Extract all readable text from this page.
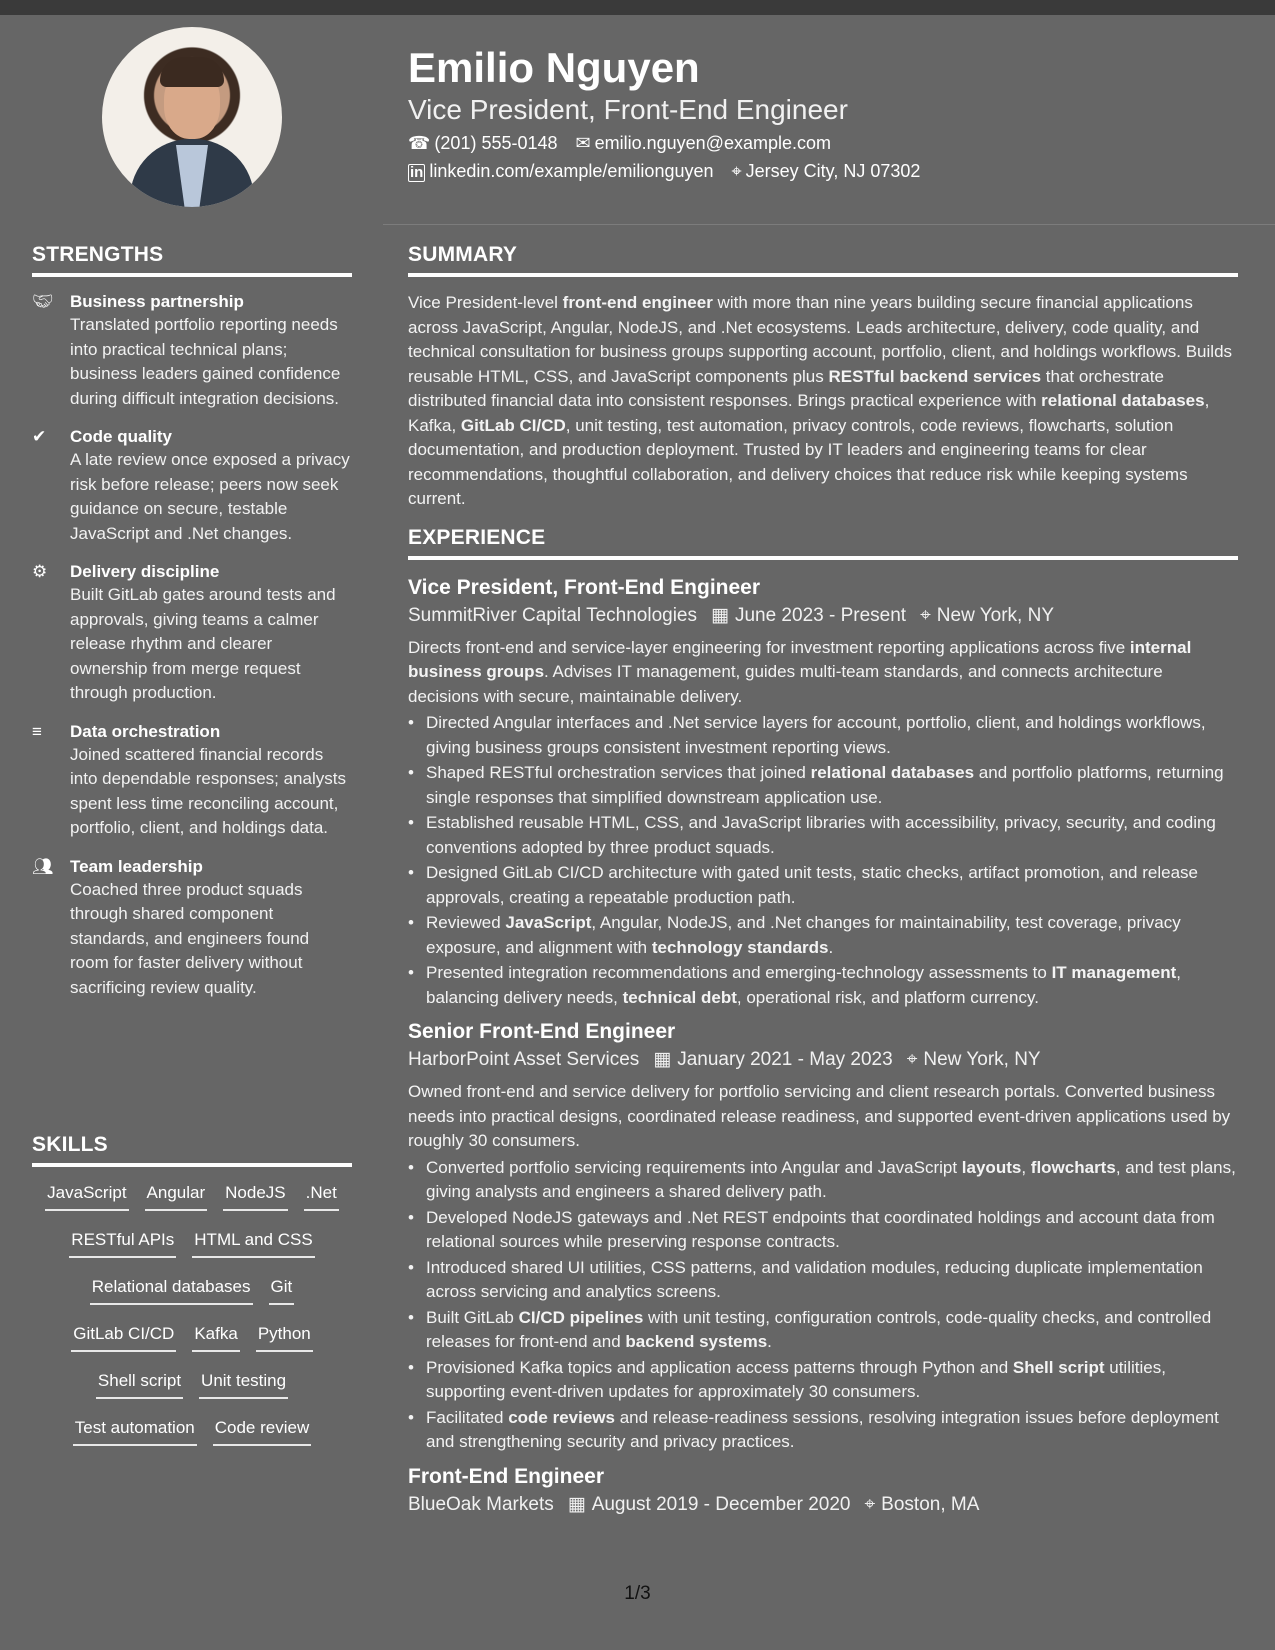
STRENGTHS
🤝︎ Business partnership
Translated portfolio reporting needs into practical technical plans; business leaders gained confidence during difficult integration decisions.
✔	Code quality
A late review once exposed a privacy risk before release; peers now seek guidance on secure, testable JavaScript and .Net changes.
⚙	Delivery discipline
Built GitLab gates around tests and approvals, giving teams a calmer release rhythm and clearer ownership from merge request through production.
≡	Data orchestration
Joined scattered financial records into dependable responses; analysts spent less time reconciling account, portfolio, client, and holdings data.
👥︎ Team leadership
Coached three product squads through shared component standards, and engineers found room for faster delivery without sacrificing review quality.
SKILLS
JavaScript Angular NodeJS .Net
RESTful APIs HTML and CSS
Relational databases Git
GitLab CI/CD Kafka Python
Shell script Unit testing
Test automation Code review
Emilio Nguyen
Vice President, Front-End Engineer
☎ (201) 555-0148 ✉ emilio.nguyen@example.com
in linkedin.com/example/emilionguyen ⌖ Jersey City, NJ 07302
SUMMARY
Vice President-level front-end engineer with more than nine years building secure financial applications across JavaScript, Angular, NodeJS, and .Net ecosystems. Leads architecture, delivery, code quality, and technical consultation for business groups supporting account, portfolio, client, and holdings workflows. Builds reusable HTML, CSS, and JavaScript components plus RESTful backend services that orchestrate distributed financial data into consistent responses. Brings practical experience with relational databases, Kafka, GitLab CI/CD, unit testing, test automation, privacy controls, code reviews, flowcharts, solution documentation, and production deployment. Trusted by IT leaders and engineering teams for clear recommendations, thoughtful collaboration, and delivery choices that reduce risk while keeping systems current.
EXPERIENCE
Vice President, Front-End Engineer
SummitRiver Capital Technologies ▦ June 2023 - Present ⌖ New York, NY
Directs front-end and service-layer engineering for investment reporting applications across five internal business groups. Advises IT management, guides multi-team standards, and connects architecture decisions with secure, maintainable delivery.
• Directed Angular interfaces and .Net service layers for account, portfolio, client, and holdings workflows, giving business groups consistent investment reporting views.
• Shaped RESTful orchestration services that joined relational databases and portfolio platforms, returning single responses that simplified downstream application use.
• Established reusable HTML, CSS, and JavaScript libraries with accessibility, privacy, security, and coding conventions adopted by three product squads.
• Designed GitLab CI/CD architecture with gated unit tests, static checks, artifact promotion, and release approvals, creating a repeatable production path.
• Reviewed JavaScript, Angular, NodeJS, and .Net changes for maintainability, test coverage, privacy exposure, and alignment with technology standards.
• Presented integration recommendations and emerging-technology assessments to IT management, balancing delivery needs, technical debt, operational risk, and platform currency.
Senior Front-End Engineer
HarborPoint Asset Services ▦ January 2021 - May 2023 ⌖ New York, NY
Owned front-end and service delivery for portfolio servicing and client research portals. Converted business needs into practical designs, coordinated release readiness, and supported event-driven applications used by roughly 30 consumers.
• Converted portfolio servicing requirements into Angular and JavaScript layouts, flowcharts, and test plans, giving analysts and engineers a shared delivery path.
• Developed NodeJS gateways and .Net REST endpoints that coordinated holdings and account data from relational sources while preserving response contracts.
• Introduced shared UI utilities, CSS patterns, and validation modules, reducing duplicate implementation across servicing and analytics screens.
• Built GitLab CI/CD pipelines with unit testing, configuration controls, code-quality checks, and controlled releases for front-end and backend systems.
• Provisioned Kafka topics and application access patterns through Python and Shell script utilities, supporting event-driven updates for approximately 30 consumers.
• Facilitated code reviews and release-readiness sessions, resolving integration issues before deployment and strengthening security and privacy practices.
Front-End Engineer
BlueOak Markets ▦ August 2019 - December 2020 ⌖ Boston, MA
1/3
